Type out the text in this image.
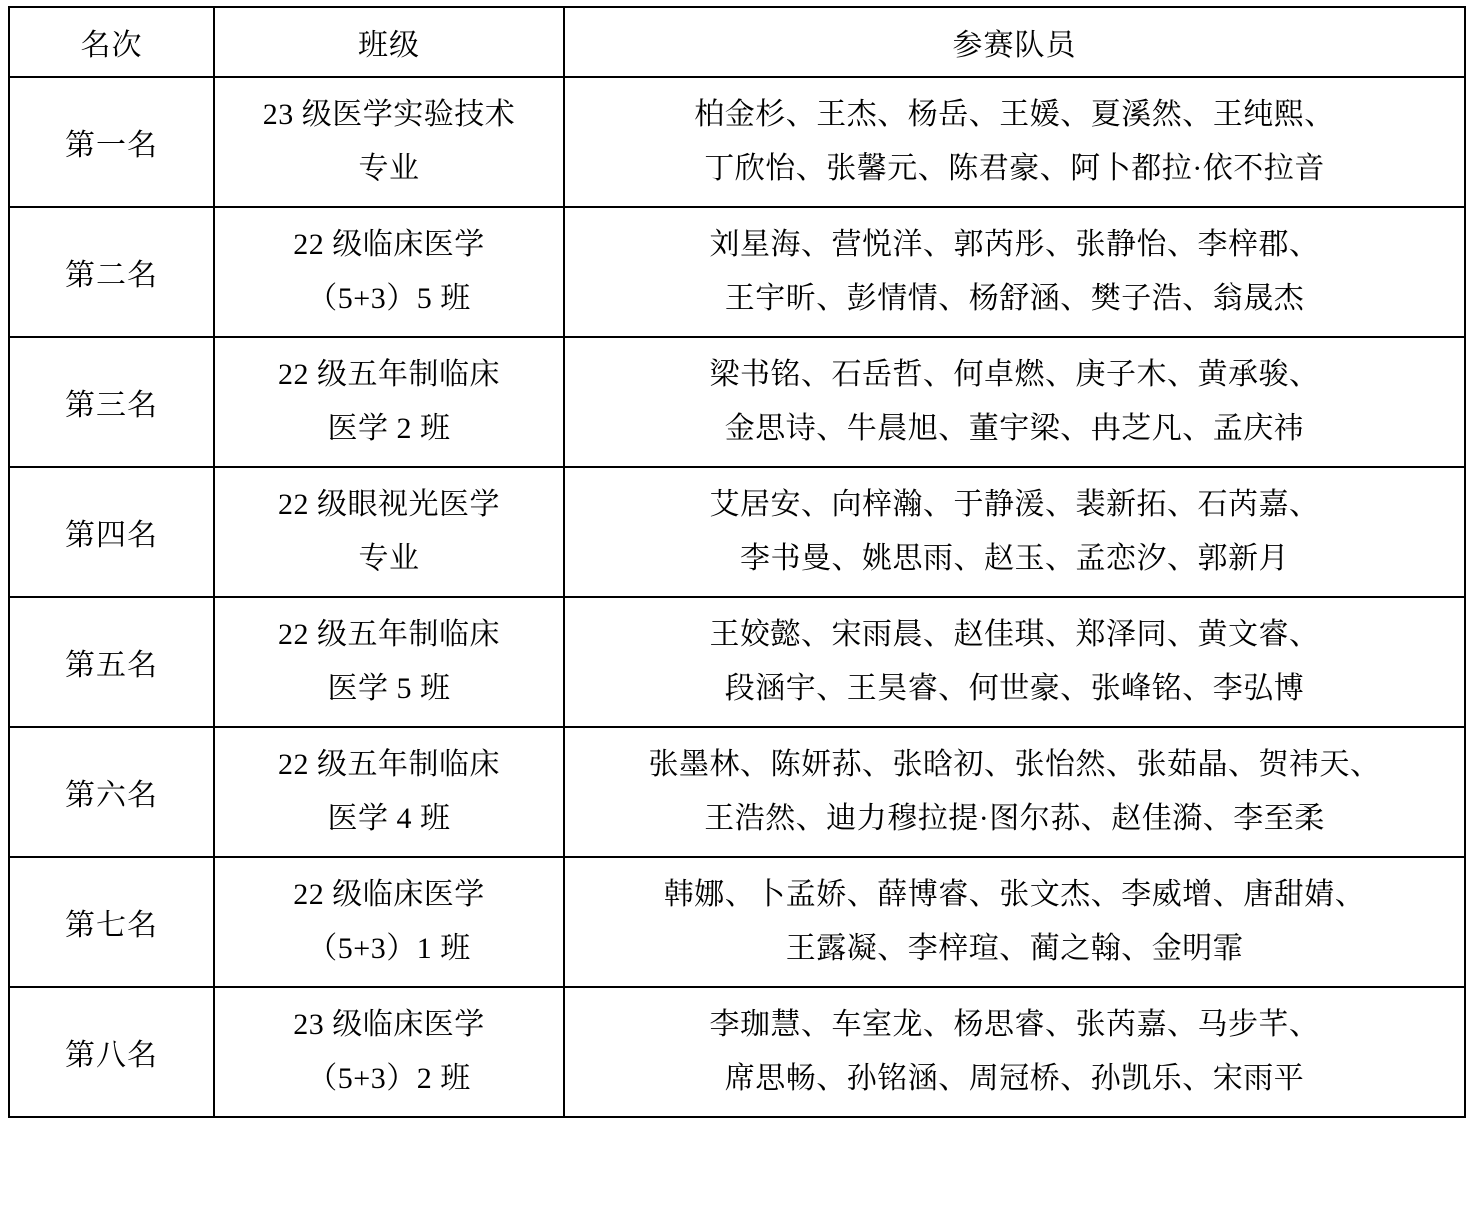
名次	班级	参赛队员
第一名	23 级医学实验技术
专业	柏金杉、王杰、杨岳、王媛、夏溪然、王纯熙、
丁欣怡、张馨元、陈君豪、阿卜都拉·依不拉音

第二名	22 级临床医学
（5+3）5 班	刘星海、营悦洋、郭芮彤、张静怡、李梓郡、
王宇昕、彭情情、杨舒涵、樊子浩、翁晟杰

第三名	22 级五年制临床
医学 2 班	梁书铭、石岳哲、何卓燃、庚子木、黄承骏、
金思诗、牛晨旭、董宇梁、冉芝凡、孟庆祎

第四名	22 级眼视光医学
专业	艾居安、向梓瀚、于静湲、裴新拓、石芮嘉、
李书曼、姚思雨、赵玉、孟恋汐、郭新月

第五名	22 级五年制临床
医学 5 班	王姣懿、宋雨晨、赵佳琪、郑泽同、黄文睿、
段涵宇、王昊睿、何世豪、张峰铭、李弘博

第六名	22 级五年制临床
医学 4 班	张墨林、陈妍荪、张晗初、张怡然、张茹晶、贺祎天、
王浩然、迪力穆拉提·图尔荪、赵佳漪、李至柔

第七名	22 级临床医学
（5+3）1 班	韩娜、卜孟娇、薛博睿、张文杰、李威增、唐甜婧、
王露凝、李梓瑄、蔺之翰、金明霏

第八名	23 级临床医学
（5+3）2 班	李珈慧、车室龙、杨思睿、张芮嘉、马步芊、
席思畅、孙铭涵、周冠桥、孙凯乐、宋雨平
